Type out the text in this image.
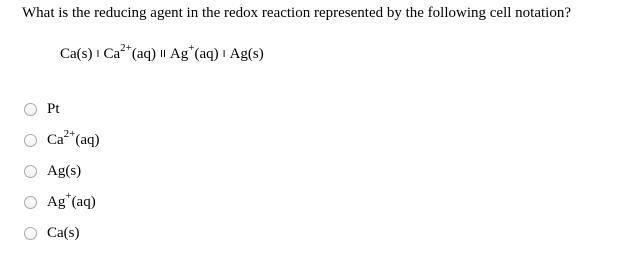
What is the reducing agent in the redox reaction represented by the following cell notation?
Ca(s) I $Ca^{2+}(aq)$ II Ag+(aq) I Ag(s)
Pt
$Ca^{2+}(aq)$
Ag(s)
Ag+(aq)
Ca(s)
